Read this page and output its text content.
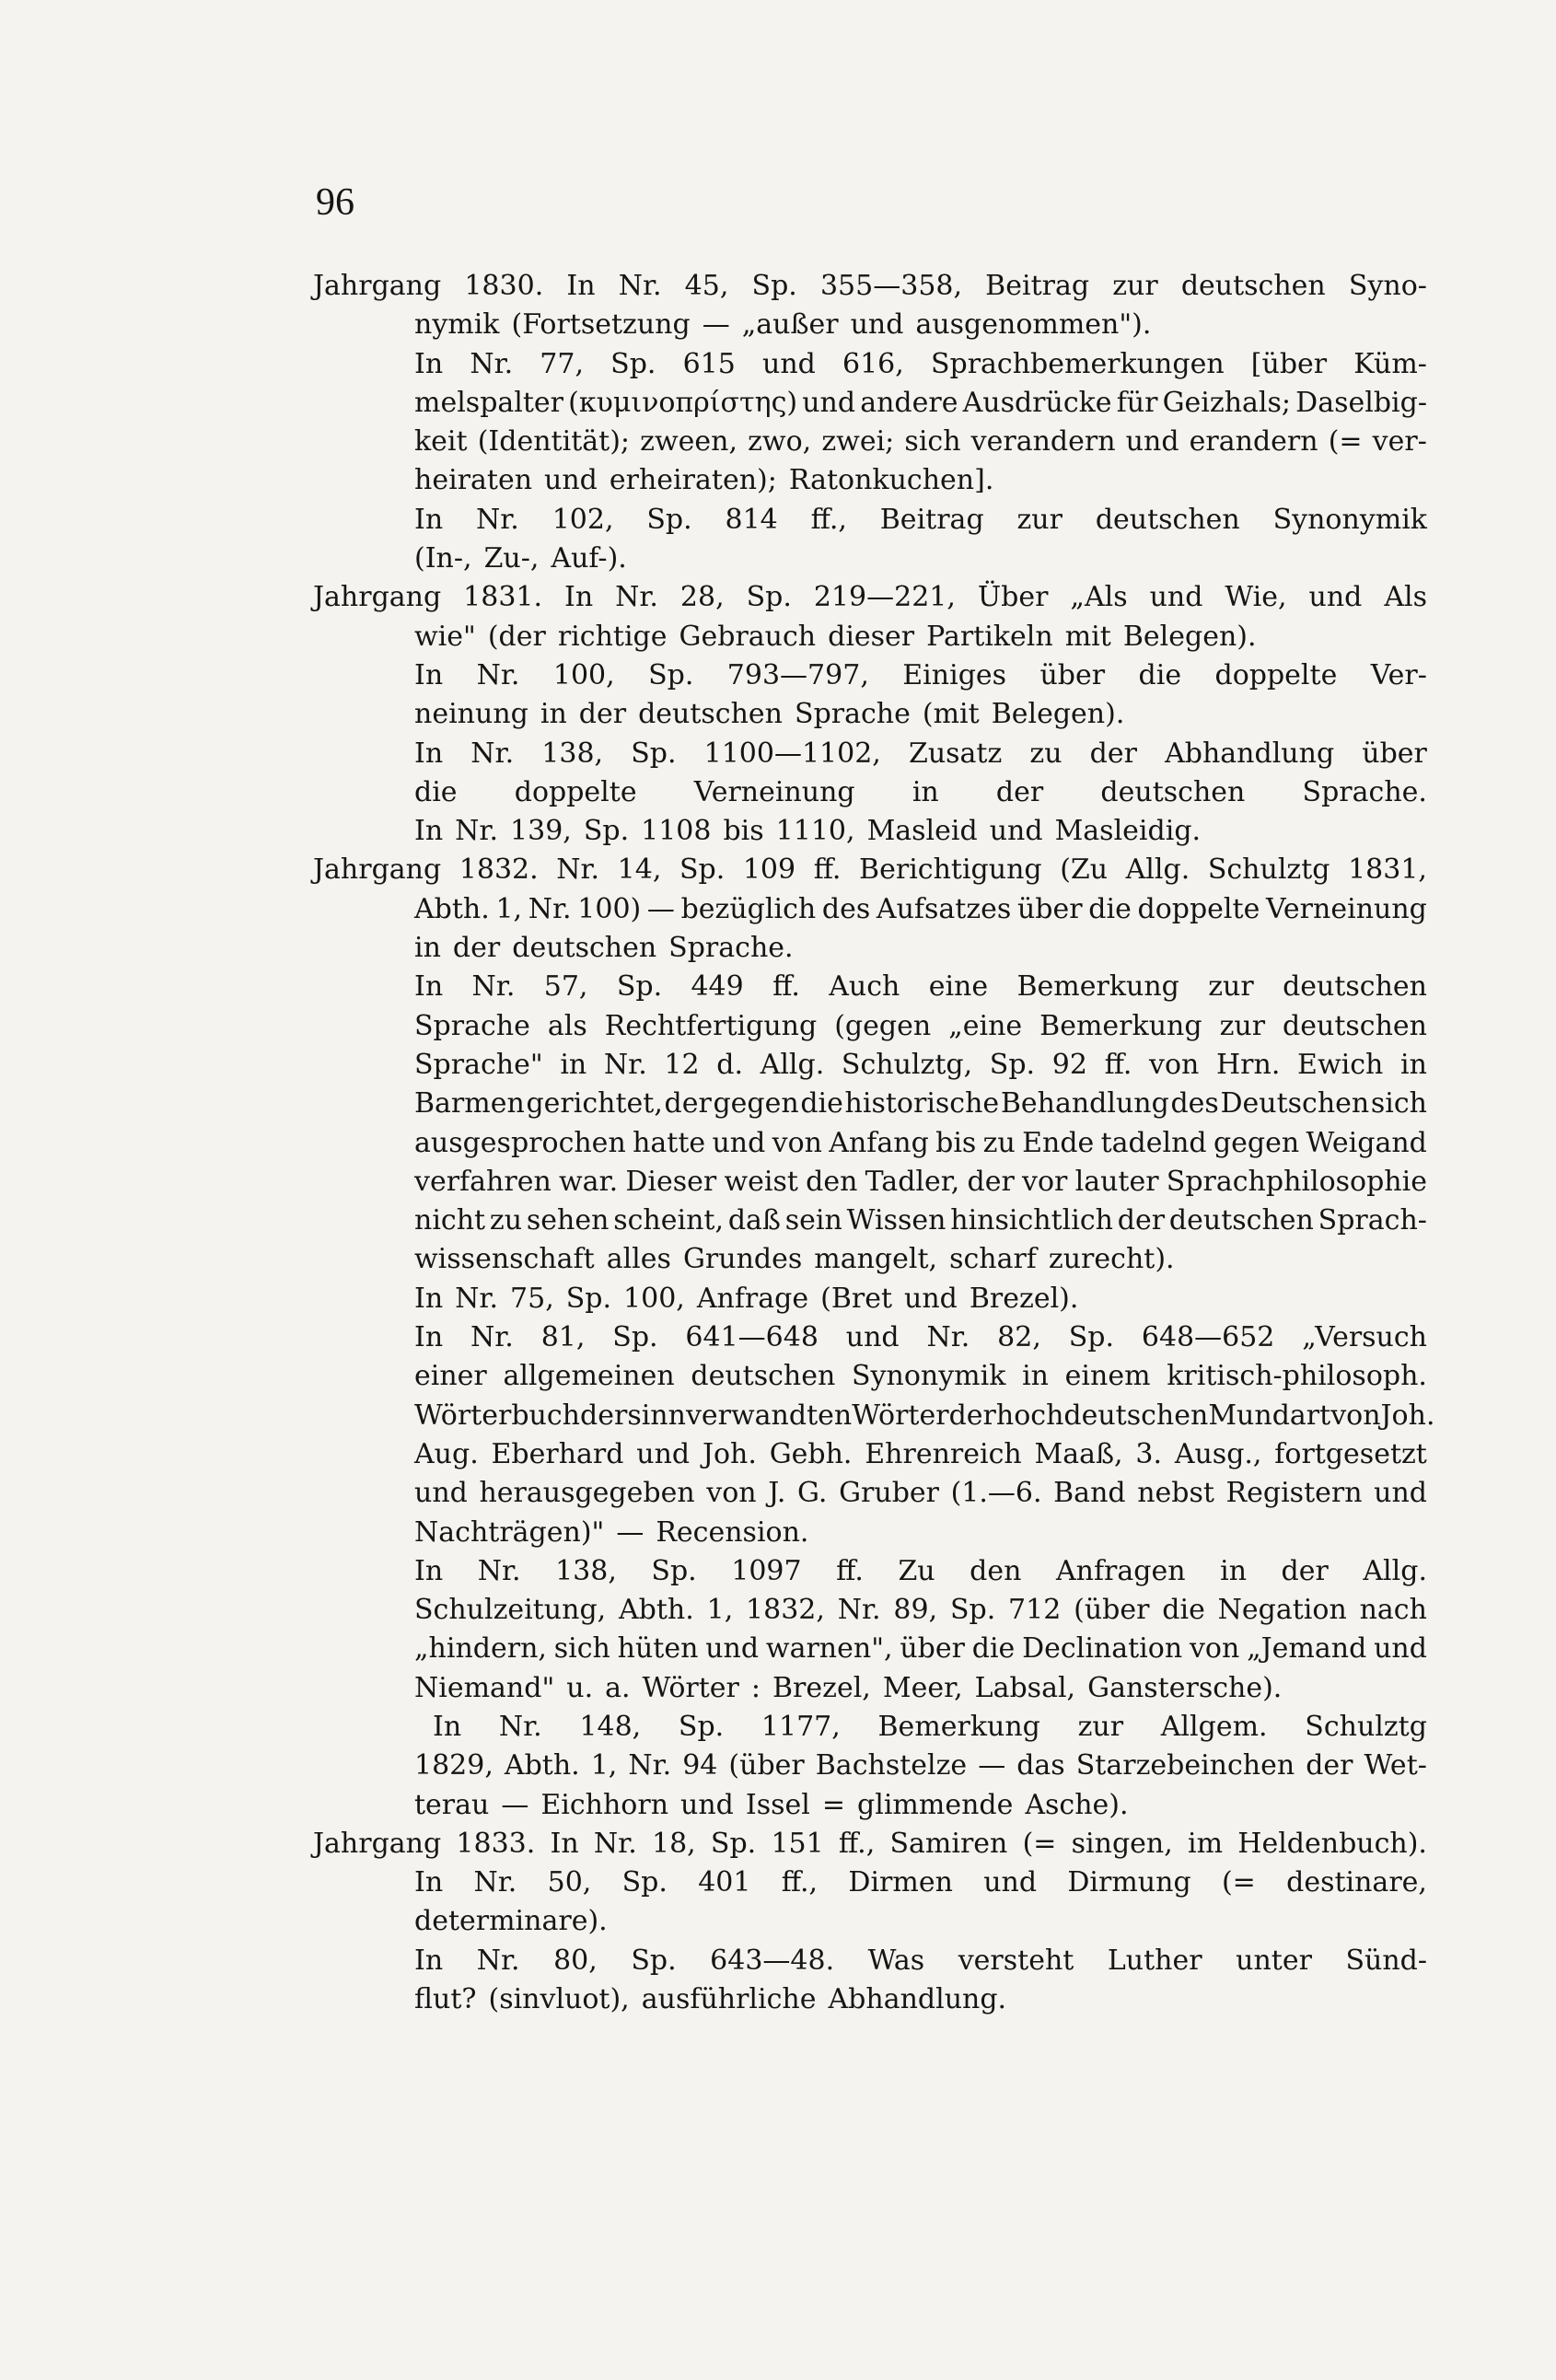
96

Jahrgang 1830. In Nr. 45, Sp. 355—358, Beitrag zur deutschen Syno-
nymik (Fortsetzung — „außer und ausgenommen").
In Nr. 77, Sp. 615 und 616, Sprachbemerkungen [über Küm-
melspalter (κυμινοπρίστης) und andere Ausdrücke für Geizhals; Daselbig-
keit (Identität); zween, zwo, zwei; sich verandern und erandern (= ver-
heiraten und erheiraten); Ratonkuchen].
In Nr. 102, Sp. 814 ff., Beitrag zur deutschen Synonymik
(In-, Zu-, Auf-).
Jahrgang 1831. In Nr. 28, Sp. 219—221, Über „Als und Wie, und Als
wie" (der richtige Gebrauch dieser Partikeln mit Belegen).
In Nr. 100, Sp. 793—797, Einiges über die doppelte Ver-
neinung in der deutschen Sprache (mit Belegen).
In Nr. 138, Sp. 1100—1102, Zusatz zu der Abhandlung über
die doppelte Verneinung in der deutschen Sprache.
In Nr. 139, Sp. 1108 bis 1110, Masleid und Masleidig.
Jahrgang 1832. Nr. 14, Sp. 109 ff. Berichtigung (Zu Allg. Schulztg 1831,
Abth. 1, Nr. 100) — bezüglich des Aufsatzes über die doppelte Verneinung
in der deutschen Sprache.
In Nr. 57, Sp. 449 ff. Auch eine Bemerkung zur deutschen
Sprache als Rechtfertigung (gegen „eine Bemerkung zur deutschen
Sprache" in Nr. 12 d. Allg. Schulztg, Sp. 92 ff. von Hrn. Ewich in
Barmen gerichtet, der gegen die historische Behandlung des Deutschen sich
ausgesprochen hatte und von Anfang bis zu Ende tadelnd gegen Weigand
verfahren war. Dieser weist den Tadler, der vor lauter Sprachphilosophie
nicht zu sehen scheint, daß sein Wissen hinsichtlich der deutschen Sprach-
wissenschaft alles Grundes mangelt, scharf zurecht).
In Nr. 75, Sp. 100, Anfrage (Bret und Brezel).
In Nr. 81, Sp. 641—648 und Nr. 82, Sp. 648—652 „Versuch
einer allgemeinen deutschen Synonymik in einem kritisch-philosoph.
Wörterbuch der sinnverwandten Wörter der hochdeutschen Mundart von Joh.
Aug. Eberhard und Joh. Gebh. Ehrenreich Maaß, 3. Ausg., fortgesetzt
und herausgegeben von J. G. Gruber (1.—6. Band nebst Registern und
Nachträgen)" — Recension.
In Nr. 138, Sp. 1097 ff. Zu den Anfragen in der Allg.
Schulzeitung, Abth. 1, 1832, Nr. 89, Sp. 712 (über die Negation nach
„hindern, sich hüten und warnen", über die Declination von „Jemand und
Niemand" u. a. Wörter : Brezel, Meer, Labsal, Ganstersche).
In Nr. 148, Sp. 1177, Bemerkung zur Allgem. Schulztg
1829, Abth. 1, Nr. 94 (über Bachstelze — das Starzebeinchen der Wet-
terau — Eichhorn und Issel = glimmende Asche).
Jahrgang 1833. In Nr. 18, Sp. 151 ff., Samiren (= singen, im Heldenbuch).
In Nr. 50, Sp. 401 ff., Dirmen und Dirmung (= destinare,
determinare).
In Nr. 80, Sp. 643—48. Was versteht Luther unter Sünd-
flut? (sinvluot), ausführliche Abhandlung.
